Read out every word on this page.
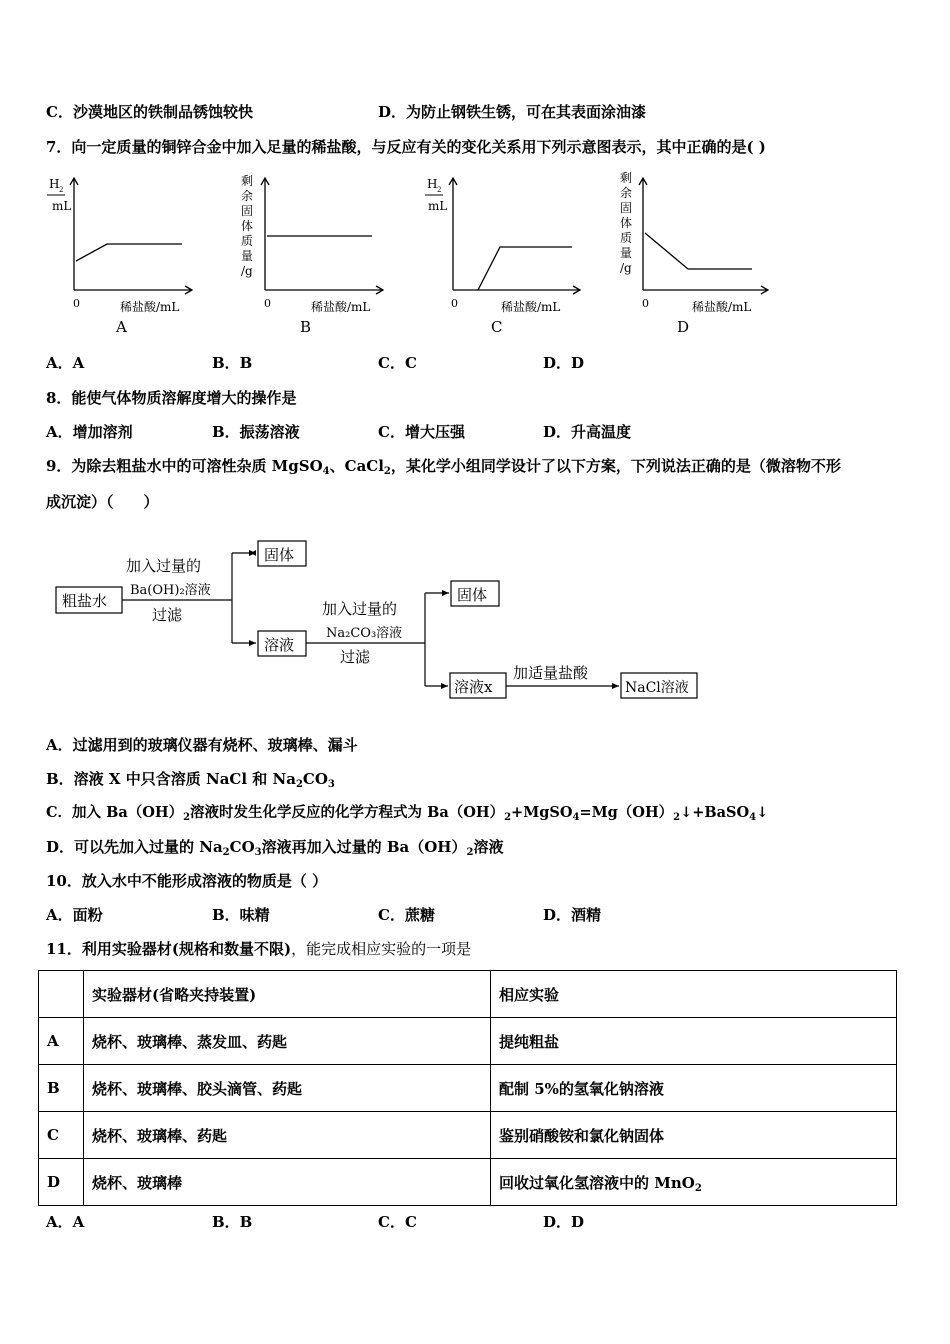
C．沙漠地区的铁制品锈蚀较快	D．为防止钢铁生锈，可在其表面涂油漆
7．向一定质量的铜锌合金中加入足量的稀盐酸，与反应有关的变化关系用下列示意图表示，其中正确的是( )
H 2
mL
0	稀盐酸/mL
A
剩
余
固
体
质
量
/g
0	稀盐酸/mL
B
H 2
mL
0	稀盐酸/mL
C
剩
余
固
体
质
量
/g
0	稀盐酸/mL
D
A．A	B．B	C．C	D．D
8．能使气体物质溶解度增大的操作是
A．增加溶剂	B．振荡溶液	C．增大压强	D．升高温度
9．为除去粗盐水中的可溶性杂质 MgSO$_4$、CaCl$_2$，某化学小组同学设计了以下方案，下列说法正确的是（微溶物不形
成沉淀）（　　）
粗盐水
加入过量的
Ba(OH)₂溶液
过滤
固体
溶液
加入过量的
Na₂CO₃溶液
过滤
固体
溶液x
加适量盐酸
NaCl溶液
A．过滤用到的玻璃仪器有烧杯、玻璃棒、漏斗
B．溶液 X 中只含溶质 NaCl 和 $Na_2CO_3$
C．加入 $Ba(OH)_2$溶液时发生化学反应的化学方程式为 $Ba(OH)_2+MgSO_4=Mg(OH)_2↓+BaSO_4↓$
D．可以先加入过量的 $Na_2CO_3$溶液再加入过量的 $Ba(OH)_2$溶液
10．放入水中不能形成溶液的物质是（ ）
A．面粉	B．味精	C．蔗糖	D．酒精
11．利用实验器材(规格和数量不限)，能完成相应实验的一项是
	实验器材(省略夹持装置)	相应实验
A	烧杯、玻璃棒、蒸发皿、药匙	提纯粗盐
B	烧杯、玻璃棒、胶头滴管、药匙	配制 5%的氢氧化钠溶液
C	烧杯、玻璃棒、药匙	鉴别硝酸铵和氯化钠固体
D	烧杯、玻璃棒	回收过氧化氢溶液中的 MnO$_2$
A．A	B．B	C．C	D．D
